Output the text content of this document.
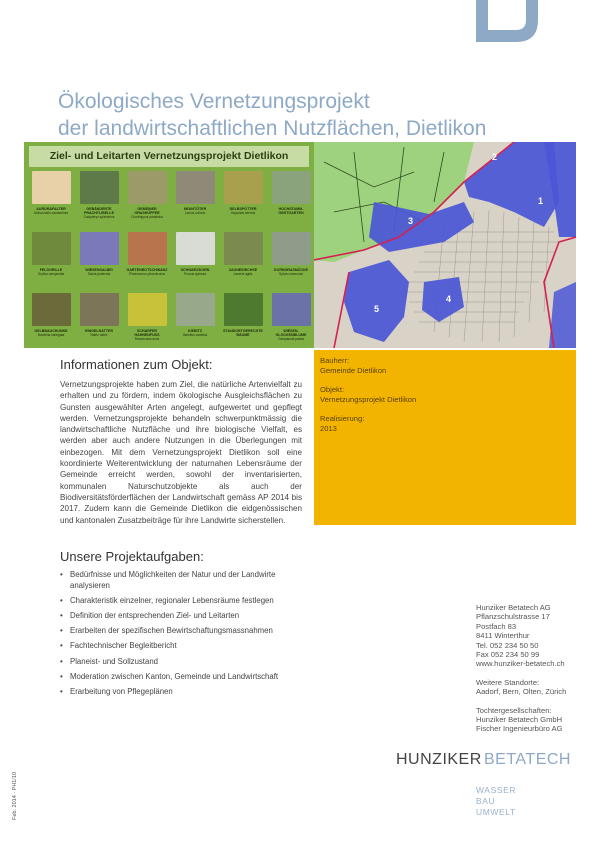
Ökologisches Vernetzungsprojekt
der landwirtschaftlichen Nutzflächen, Dietlikon
Ziel- und Leitarten Vernetzungsprojekt Dietlikon
AURORAFALTER
Anthocharis cardamines
GEBÄNDERTE PRACHTLIBELLE
Calopteryx splendens
GEMEINER GRASHÜPFER
Chorthippus parallelus
NEUNTÖTER
Lanius collurio
GELBSPÖTTER
Hippolais icterina
HOCHSTAMM-OBSTGARTEN
FELDGRILLE
Gryllus campestris
WIESENSALBEI
Salvia pratensis
GARTENROTSCHWANZ
Phoenicurus phoenicurus
SCHWARZDORN
Prunus spinosa
ZAUNEIDECHSE
Lacerta agilis
DORNGRASMÜCKE
Sylvia communis
GELBBAUCHUNKE
Bombina variegata
RINGELNATTER
Natrix natrix
SCHARFER HAHNENFUSS
Ranunculus acris
KIEBITZ
Vanellus vanellus
STANDORTGERECHTE BÄUME
WIESEN-GLOCKENBLUME
Campanula patula
2
1
3
4
5
Informationen zum Objekt:

Vernetzungsprojekte haben zum Ziel, die natürliche Artenvielfalt zu erhalten und zu fördern, indem ökologische Ausgleichsflächen zu Gunsten ausgewählter Arten angelegt, aufgewertet und gepflegt werden. Vernetzungsprojekte behandeln schwerpunktmässig die landwirtschaftliche Nutzfläche und ihre biologische Vielfalt, es werden aber auch andere Nutzungen in die Überlegungen mit einbezogen. Mit dem Vernetzungsprojekt Dietlikon soll eine koordinierte Weiterentwicklung der naturnahen Lebensräume der Gemeinde erreicht werden, sowohl der inventarisierten, kommunalen Naturschutzobjekte als auch der Biodiversitätsförderflächen der Landwirtschaft gemäss AP 2014 bis 2017. Zudem kann die Gemeinde Dietlikon die eidgenössischen und kantonalen Zusatzbeiträge für ihre Landwirte sicherstellen.

Bauherr:
Gemeinde Dietlikon
Objekt:
Vernetzungsprojekt Dietlikon
Realisierung:
2013
Unsere Projektaufgaben:
• Bedürfnisse und Möglichkeiten der Natur und der Landwirte analysieren
• Charakteristik einzelner, regionaler Lebensräume festlegen
• Definition der entsprechenden Ziel- und Leitarten
• Erarbeiten der spezifischen Bewirtschaftungsmassnahmen
• Fachtechnischer Begleitbericht
• Planeist- und Sollzustand
• Moderation zwischen Kanton, Gemeinde und Landwirtschaft
• Erarbeitung von Pflegeplänen
Hunziker Betatech AG
Pflanzschulstrasse 17
Postfach 83
8411 Winterthur
Tel. 052 234 50 50
Fax 052 234 50 99
www.hunziker-betatech.ch
Weitere Standorte:
Aadorf, Bern, Olten, Zürich
Tochtergesellschaften:
Hunziker Betatech GmbH
Fischer Ingenieurbüro AG
HUNZIKER BETATECH
WASSER
BAU
UMWELT
Feb. 2014 · PH1/10
